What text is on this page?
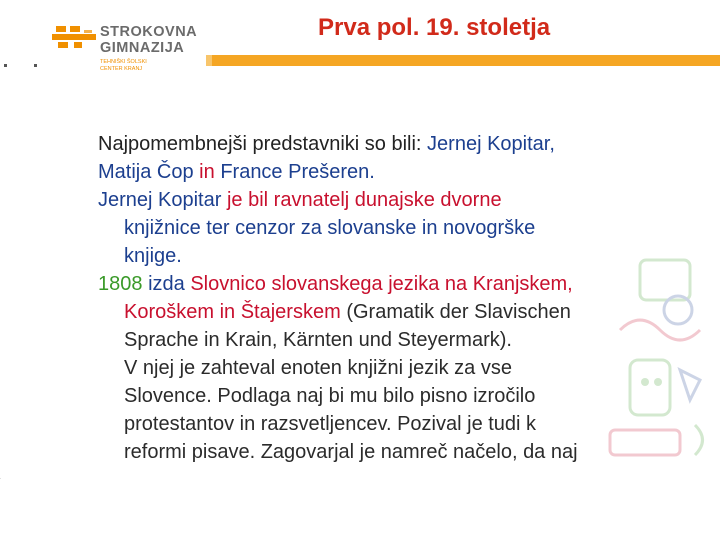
STROKOVNA
GIMNAZIJA
TEHNIŠKI ŠOLSKI
CENTER KRANJ
Prva pol. 19. stoletja

Najpomembnejši predstavniki so bili: Jernej Kopitar,

Matija Čop in France Prešeren.

Jernej Kopitar je bil ravnatelj dunajske dvorne

knjižnice ter cenzor za slovanske in novogrške

knjige.

1808 izda Slovnico slovanskega jezika na Kranjskem,

Koroškem in Štajerskem (Gramatik der Slavischen

Sprache in Krain, Kärnten und Steyermark).

V njej je zahteval enoten knjižni jezik za vse

Slovence. Podlaga naj bi mu bilo pisno izročilo

protestantov in razsvetljencev. Pozival je tudi k

reformi pisave. Zagovarjal je namreč načelo, da naj
